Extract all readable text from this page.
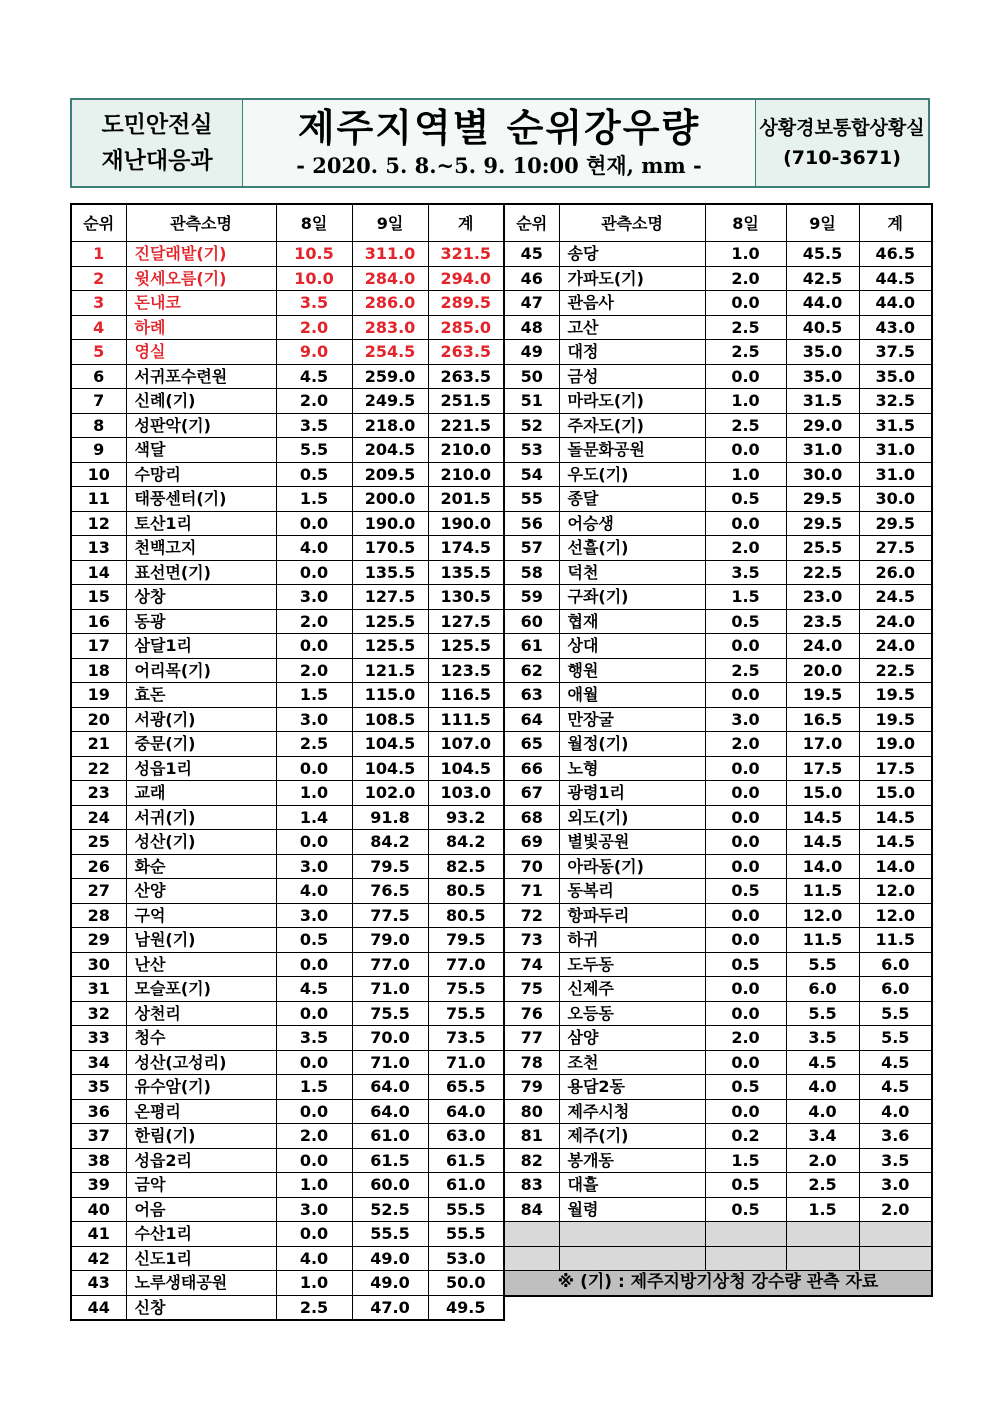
도민안전실
재난대응과
제주지역별 순위강우량
- 2020. 5. 8.~5. 9. 10:00 현재, mm -
상황경보통합상황실
(710-3671)
순위	관측소명	8일	9일	계
1	진달래밭(기)	10.5	311.0	321.5
2	윗세오름(기)	10.0	284.0	294.0
3	돈내코	3.5	286.0	289.5
4	하례	2.0	283.0	285.0
5	영실	9.0	254.5	263.5
6	서귀포수련원	4.5	259.0	263.5
7	신례(기)	2.0	249.5	251.5
8	성판악(기)	3.5	218.0	221.5
9	색달	5.5	204.5	210.0
10	수망리	0.5	209.5	210.0
11	태풍센터(기)	1.5	200.0	201.5
12	토산1리	0.0	190.0	190.0
13	천백고지	4.0	170.5	174.5
14	표선면(기)	0.0	135.5	135.5
15	상창	3.0	127.5	130.5
16	동광	2.0	125.5	127.5
17	삼달1리	0.0	125.5	125.5
18	어리목(기)	2.0	121.5	123.5
19	효돈	1.5	115.0	116.5
20	서광(기)	3.0	108.5	111.5
21	중문(기)	2.5	104.5	107.0
22	성읍1리	0.0	104.5	104.5
23	교래	1.0	102.0	103.0
24	서귀(기)	1.4	91.8	93.2
25	성산(기)	0.0	84.2	84.2
26	화순	3.0	79.5	82.5
27	산양	4.0	76.5	80.5
28	구억	3.0	77.5	80.5
29	남원(기)	0.5	79.0	79.5
30	난산	0.0	77.0	77.0
31	모슬포(기)	4.5	71.0	75.5
32	상천리	0.0	75.5	75.5
33	청수	3.5	70.0	73.5
34	성산(고성리)	0.0	71.0	71.0
35	유수암(기)	1.5	64.0	65.5
36	온평리	0.0	64.0	64.0
37	한림(기)	2.0	61.0	63.0
38	성읍2리	0.0	61.5	61.5
39	금악	1.0	60.0	61.0
40	어음	3.0	52.5	55.5
41	수산1리	0.0	55.5	55.5
42	신도1리	4.0	49.0	53.0
43	노루생태공원	1.0	49.0	50.0
44	신창	2.5	47.0	49.5
순위	관측소명	8일	9일	계
45	송당	1.0	45.5	46.5
46	가파도(기)	2.0	42.5	44.5
47	관음사	0.0	44.0	44.0
48	고산	2.5	40.5	43.0
49	대정	2.5	35.0	37.5
50	금성	0.0	35.0	35.0
51	마라도(기)	1.0	31.5	32.5
52	주자도(기)	2.5	29.0	31.5
53	돌문화공원	0.0	31.0	31.0
54	우도(기)	1.0	30.0	31.0
55	종달	0.5	29.5	30.0
56	어승생	0.0	29.5	29.5
57	선흘(기)	2.0	25.5	27.5
58	덕천	3.5	22.5	26.0
59	구좌(기)	1.5	23.0	24.5
60	협재	0.5	23.5	24.0
61	상대	0.0	24.0	24.0
62	행원	2.5	20.0	22.5
63	애월	0.0	19.5	19.5
64	만장굴	3.0	16.5	19.5
65	월정(기)	2.0	17.0	19.0
66	노형	0.0	17.5	17.5
67	광령1리	0.0	15.0	15.0
68	외도(기)	0.0	14.5	14.5
69	별빛공원	0.0	14.5	14.5
70	아라동(기)	0.0	14.0	14.0
71	동복리	0.5	11.5	12.0
72	항파두리	0.0	12.0	12.0
73	하귀	0.0	11.5	11.5
74	도두동	0.5	5.5	6.0
75	신제주	0.0	6.0	6.0
76	오등동	0.0	5.5	5.5
77	삼양	2.0	3.5	5.5
78	조천	0.0	4.5	4.5
79	용담2동	0.5	4.0	4.5
80	제주시청	0.0	4.0	4.0
81	제주(기)	0.2	3.4	3.6
82	봉개동	1.5	2.0	3.5
83	대흘	0.5	2.5	3.0
84	월령	0.5	1.5	2.0

※ (기) : 제주지방기상청 강수량 관측 자료				
